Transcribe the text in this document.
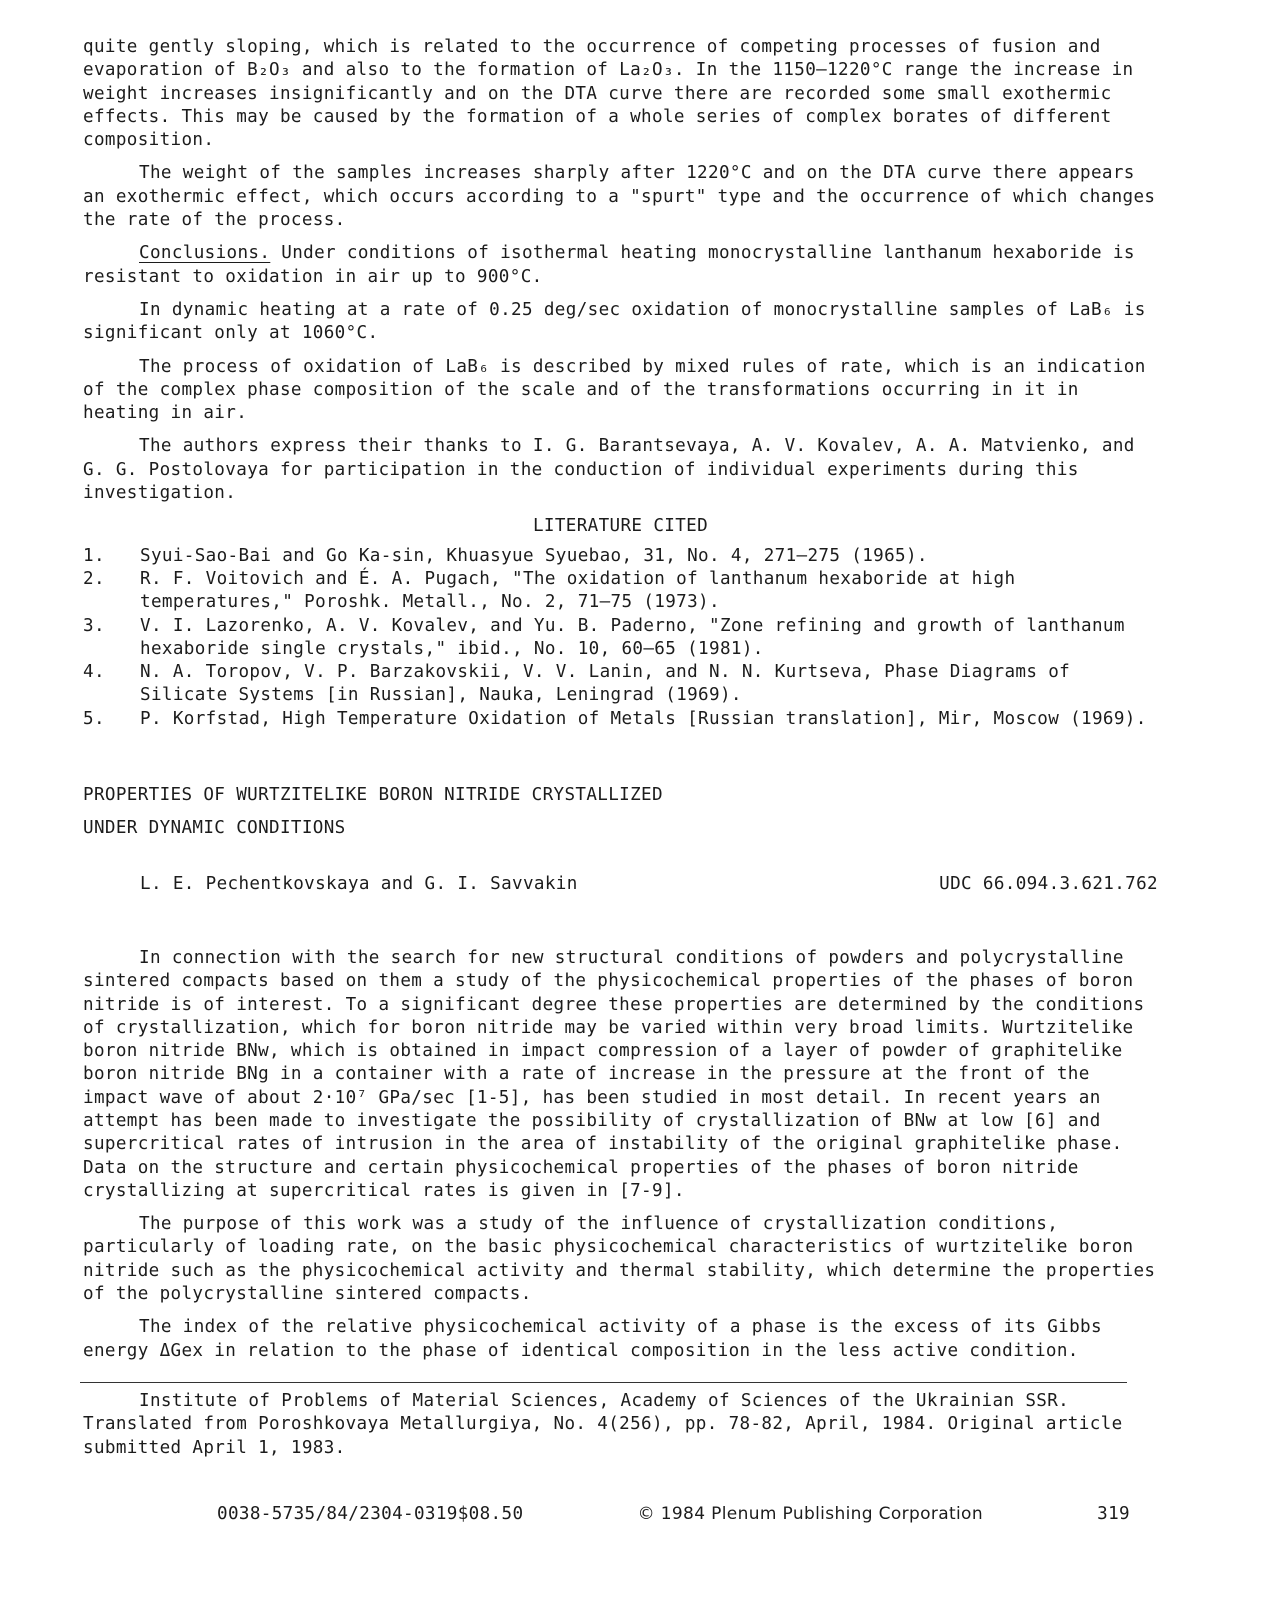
quite gently sloping, which is related to the occurrence of competing processes of fusion and evaporation of B₂O₃ and also to the formation of La₂O₃. In the 1150–1220°C range the increase in weight increases insignificantly and on the DTA curve there are recorded some small exothermic effects. This may be caused by the formation of a whole series of complex borates of different composition.

The weight of the samples increases sharply after 1220°C and on the DTA curve there appears an exothermic effect, which occurs according to a "spurt" type and the occurrence of which changes the rate of the process.

Conclusions. Under conditions of isothermal heating monocrystalline lanthanum hexaboride is resistant to oxidation in air up to 900°C.

In dynamic heating at a rate of 0.25 deg/sec oxidation of monocrystalline samples of LaB₆ is significant only at 1060°C.

The process of oxidation of LaB₆ is described by mixed rules of rate, which is an indication of the complex phase composition of the scale and of the transformations occurring in it in heating in air.

The authors express their thanks to I. G. Barantsevaya, A. V. Kovalev, A. A. Matvienko, and G. G. Postolovaya for participation in the conduction of individual experiments during this investigation.

LITERATURE CITED

1. Syui-Sao-Bai and Go Ka-sin, Khuasyue Syuebao, 31, No. 4, 271–275 (1965).
2. R. F. Voitovich and É. A. Pugach, "The oxidation of lanthanum hexaboride at high temperatures," Poroshk. Metall., No. 2, 71–75 (1973).
3. V. I. Lazorenko, A. V. Kovalev, and Yu. B. Paderno, "Zone refining and growth of lanthanum hexaboride single crystals," ibid., No. 10, 60–65 (1981).
4. N. A. Toropov, V. P. Barzakovskii, V. V. Lanin, and N. N. Kurtseva, Phase Diagrams of Silicate Systems [in Russian], Nauka, Leningrad (1969).
5. P. Korfstad, High Temperature Oxidation of Metals [Russian translation], Mir, Moscow (1969).

PROPERTIES OF WURTZITELIKE BORON NITRIDE CRYSTALLIZED

UNDER DYNAMIC CONDITIONS

L. E. Pechentkovskaya and G. I. Savvakin	UDC 66.094.3.621.762

In connection with the search for new structural conditions of powders and polycrystalline sintered compacts based on them a study of the physicochemical properties of the phases of boron nitride is of interest. To a significant degree these properties are determined by the conditions of crystallization, which for boron nitride may be varied within very broad limits. Wurtzitelike boron nitride BNw, which is obtained in impact compression of a layer of powder of graphitelike boron nitride BNg in a container with a rate of increase in the pressure at the front of the impact wave of about 2·10⁷ GPa/sec [1-5], has been studied in most detail. In recent years an attempt has been made to investigate the possibility of crystallization of BNw at low [6] and supercritical rates of intrusion in the area of instability of the original graphitelike phase. Data on the structure and certain physicochemical properties of the phases of boron nitride crystallizing at supercritical rates is given in [7-9].

The purpose of this work was a study of the influence of crystallization conditions, particularly of loading rate, on the basic physicochemical characteristics of wurtzitelike boron nitride such as the physicochemical activity and thermal stability, which determine the properties of the polycrystalline sintered compacts.

The index of the relative physicochemical activity of a phase is the excess of its Gibbs energy ΔGex in relation to the phase of identical composition in the less active condition.

Institute of Problems of Material Sciences, Academy of Sciences of the Ukrainian SSR.

Translated from Poroshkovaya Metallurgiya, No. 4(256), pp. 78-82, April, 1984. Original article submitted April 1, 1983.

0038-5735/84/2304-0319$08.50	© 1984 Plenum Publishing Corporation	319
